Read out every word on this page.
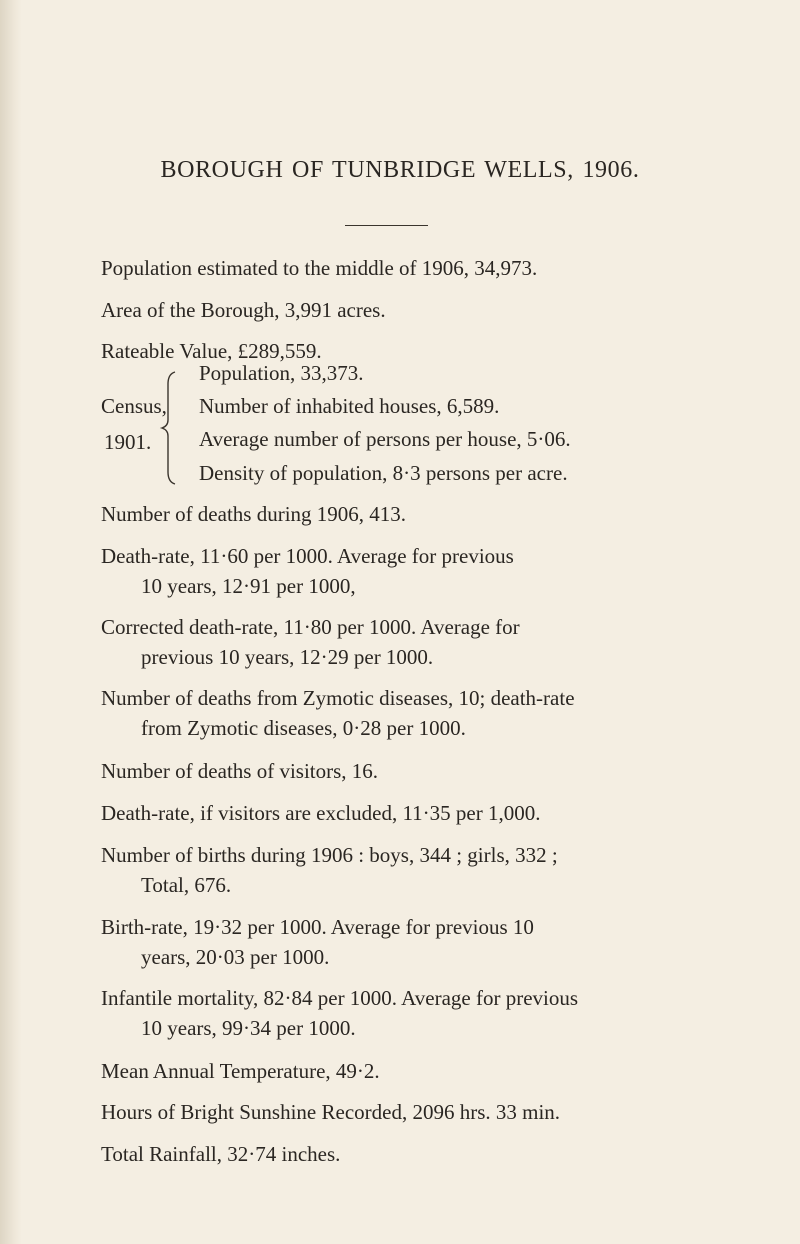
BOROUGH OF TUNBRIDGE WELLS, 1906.
Population estimated to the middle of 1906, 34,973.
Area of the Borough, 3,991 acres.
Rateable Value, £289,559.
Census,
1901.
Population, 33,373.
Number of inhabited houses, 6,589.
Average number of persons per house, 5·06.
Density of population, 8·3 persons per acre.
Number of deaths during 1906, 413.
Death-rate, 11·60 per 1000. Average for previous
10 years, 12·91 per 1000,
Corrected death-rate, 11·80 per 1000. Average for
previous 10 years, 12·29 per 1000.
Number of deaths from Zymotic diseases, 10; death-rate
from Zymotic diseases, 0·28 per 1000.
Number of deaths of visitors, 16.
Death-rate, if visitors are excluded, 11·35 per 1,000.
Number of births during 1906 : boys, 344 ; girls, 332 ;
Total, 676.
Birth-rate, 19·32 per 1000. Average for previous 10
years, 20·03 per 1000.
Infantile mortality, 82·84 per 1000. Average for previous
10 years, 99·34 per 1000.
Mean Annual Temperature, 49·2.
Hours of Bright Sunshine Recorded, 2096 hrs. 33 min.
Total Rainfall, 32·74 inches.
